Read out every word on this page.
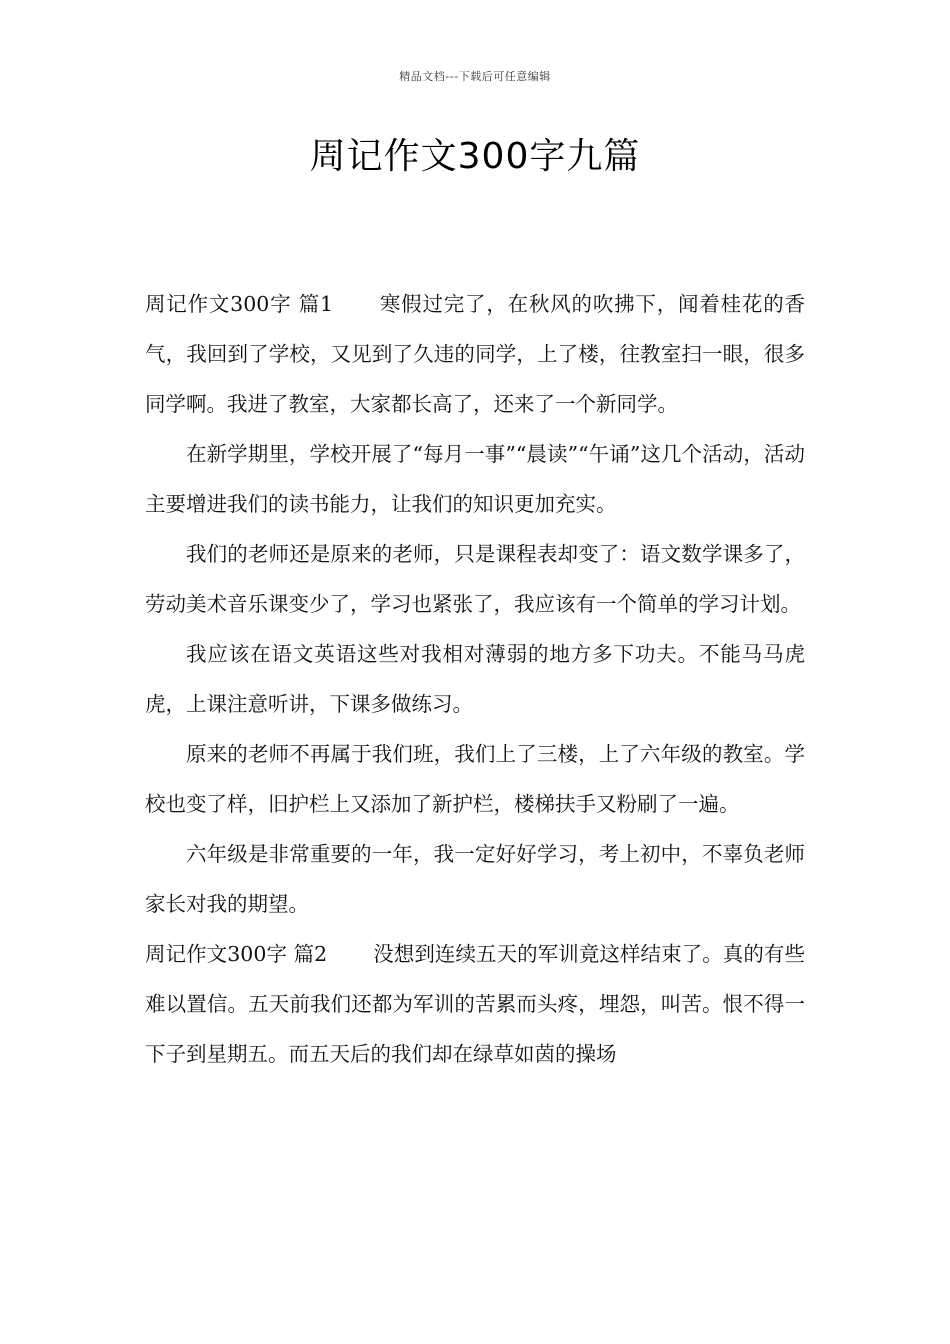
精品文档---下载后可任意编辑
周记作文300字九篇

周记作文300字 篇1 寒假过完了，在秋风的吹拂下，闻着桂花的香气，我回到了学校，又见到了久违的同学，上了楼，往教室扫一眼，很多同学啊。我进了教室，大家都长高了，还来了一个新同学。

在新学期里，学校开展了“每月一事”“晨读”“午诵”这几个活动，活动主要增进我们的读书能力，让我们的知识更加充实。

我们的老师还是原来的老师，只是课程表却变了：语文数学课多了，劳动美术音乐课变少了，学习也紧张了，我应该有一个简单的学习计划。

我应该在语文英语这些对我相对薄弱的地方多下功夫。不能马马虎虎，上课注意听讲，下课多做练习。

原来的老师不再属于我们班，我们上了三楼，上了六年级的教室。学校也变了样，旧护栏上又添加了新护栏，楼梯扶手又粉刷了一遍。

六年级是非常重要的一年，我一定好好学习，考上初中，不辜负老师家长对我的期望。

周记作文300字 篇2 没想到连续五天的军训竟这样结束了。真的有些难以置信。五天前我们还都为军训的苦累而头疼，埋怨，叫苦。恨不得一下子到星期五。而五天后的我们却在绿草如茵的操场
